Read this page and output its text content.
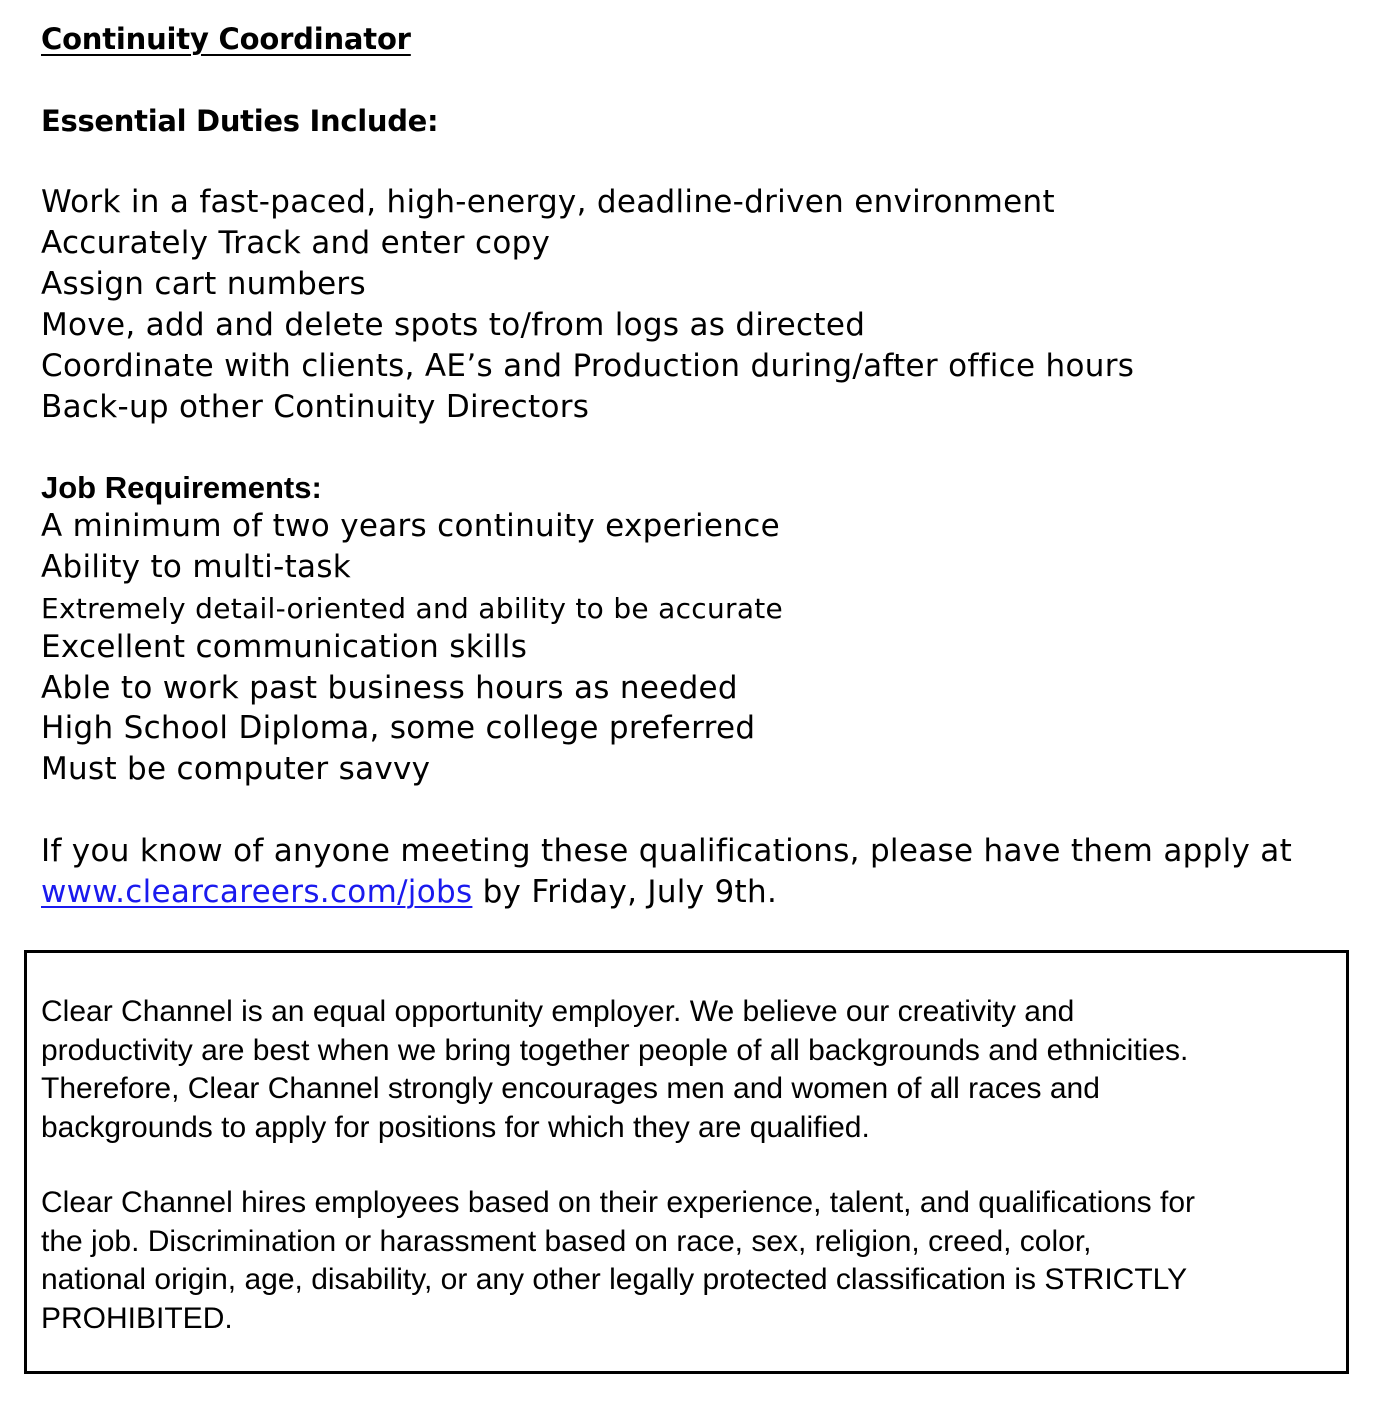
Continuity Coordinator
Essential Duties Include:
Work in a fast-paced, high-energy, deadline-driven environment
Accurately Track and enter copy
Assign cart numbers
Move, add and delete spots to/from logs as directed
Coordinate with clients, AE’s and Production during/after office hours
Back-up other Continuity Directors
Job Requirements:
A minimum of two years continuity experience
Ability to multi-task
Extremely detail-oriented and ability to be accurate
Excellent communication skills
Able to work past business hours as needed
High School Diploma, some college preferred
Must be computer savvy
If you know of anyone meeting these qualifications, please have them apply at
www.clearcareers.com/jobs by Friday, July 9th.

Clear Channel is an equal opportunity employer. We believe our creativity and

productivity are best when we bring together people of all backgrounds and ethnicities.

Therefore, Clear Channel strongly encourages men and women of all races and

backgrounds to apply for positions for which they are qualified.

Clear Channel hires employees based on their experience, talent, and qualifications for

the job. Discrimination or harassment based on race, sex, religion, creed, color,

national origin, age, disability, or any other legally protected classification is STRICTLY

PROHIBITED.
